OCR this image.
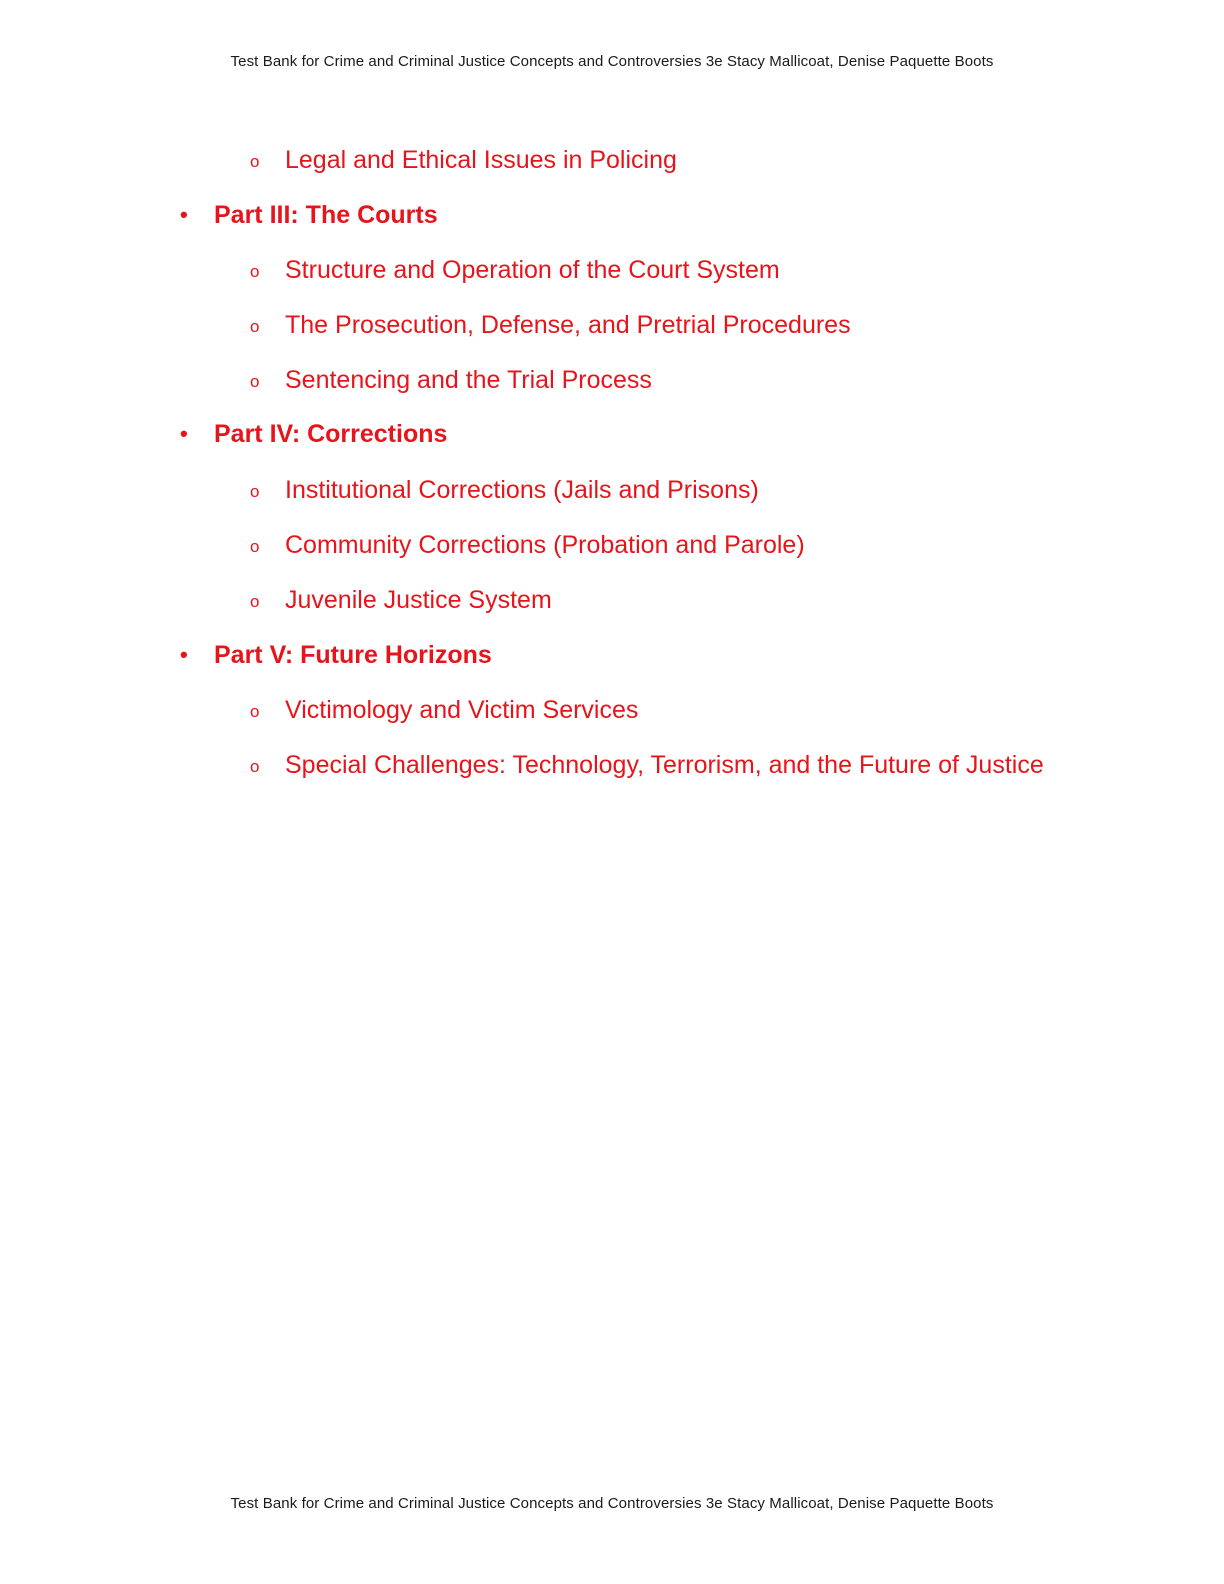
Test Bank for Crime and Criminal Justice Concepts and Controversies 3e Stacy Mallicoat, Denise Paquette Boots
o Legal and Ethical Issues in Policing
• Part III: The Courts
o Structure and Operation of the Court System
o The Prosecution, Defense, and Pretrial Procedures
o Sentencing and the Trial Process
• Part IV: Corrections
o Institutional Corrections (Jails and Prisons)
o Community Corrections (Probation and Parole)
o Juvenile Justice System
• Part V: Future Horizons
o Victimology and Victim Services
o Special Challenges: Technology, Terrorism, and the Future of Justice
Test Bank for Crime and Criminal Justice Concepts and Controversies 3e Stacy Mallicoat, Denise Paquette Boots
